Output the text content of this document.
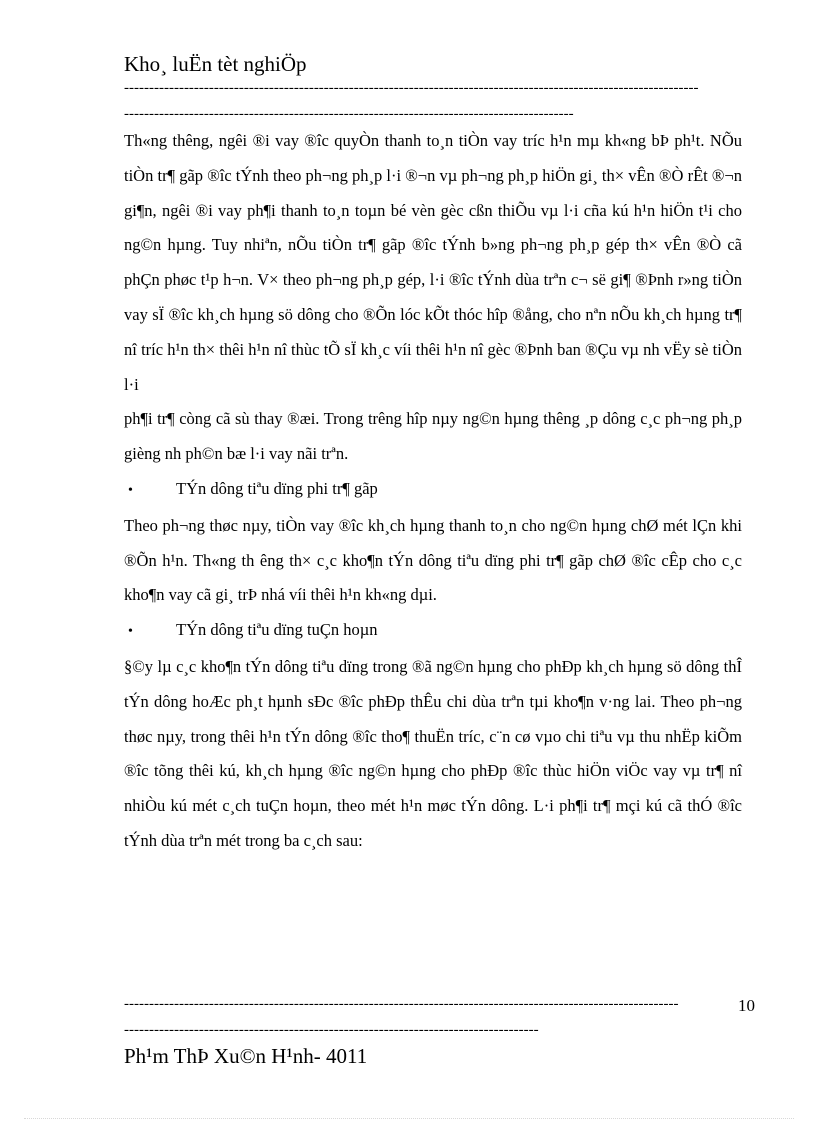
Kho¸ luËn tèt nghiÖp
-------------------------------------------------------------------------------------------------------------------
------------------------------------------------------------------------------------------

Th«ng thêng, ngêi ®i vay ®îc quyÒn thanh to¸n tiÒn vay tríc h¹n mµ kh«ng bÞ ph¹t. NÕu tiÒn tr¶ gãp ®îc tÝnh theo ph¬ng ph¸p l·i ®¬n vµ ph¬ng ph¸p hiÖn gi¸ th× vÊn ®Ò rÊt ®¬n gi¶n, ngêi ®i vay ph¶i thanh to¸n toµn bé vèn gèc cßn thiÕu vµ l·i cña kú h¹n hiÖn t¹i cho ng©n hµng. Tuy nhiªn, nÕu tiÒn tr¶ gãp ®îc tÝnh b»ng ph¬ng ph¸p gép th× vÊn ®Ò cã phÇn phøc t¹p h¬n. V× theo ph¬ng ph¸p gép, l·i ®îc tÝnh dùa trªn c¬ së gi¶ ®Þnh r»ng tiÒn vay sÏ ®îc kh¸ch hµng sö dông cho ®Õn lóc kÕt thóc hîp ®ång, cho nªn nÕu kh¸ch hµng tr¶ nî tríc h¹n th× thêi h¹n nî thùc tÕ sÏ kh¸c víi thêi h¹n nî gèc ®Þnh ban ®Çu vµ nh vËy sè tiÒn l·i

ph¶i tr¶ còng cã sù thay ®æi. Trong trêng hîp nµy ng©n hµng thêng ¸p dông c¸c ph¬ng ph¸p gièng nh ph©n bæ l·i vay nãi trªn.

•	TÝn dông tiªu dïng phi tr¶ gãp

Theo ph¬ng thøc nµy, tiÒn vay ®îc kh¸ch hµng thanh to¸n cho ng©n hµng chØ mét lÇn khi ®Õn h¹n. Th«ng th êng th× c¸c kho¶n tÝn dông tiªu dïng phi tr¶ gãp chØ ®îc cÊp cho c¸c kho¶n vay cã gi¸ trÞ nhá víi thêi h¹n kh«ng dµi.

•	TÝn dông tiªu dïng tuÇn hoµn

§©y lµ c¸c kho¶n tÝn dông tiªu dïng trong ®ã ng©n hµng cho phÐp kh¸ch hµng sö dông thÎ tÝn dông hoÆc ph¸t hµnh sÐc ®îc phÐp thÊu chi dùa trªn tµi kho¶n v·ng lai. Theo ph¬ng thøc nµy, trong thêi h¹n tÝn dông ®îc tho¶ thuËn tríc, c¨n cø vµo chi tiªu vµ thu nhËp kiÕm ®îc tõng thêi kú, kh¸ch hµng ®îc ng©n hµng cho phÐp ®îc thùc hiÖn viÖc vay vµ tr¶ nî nhiÒu kú mét c¸ch tuÇn hoµn, theo mét h¹n møc tÝn dông. L·i ph¶i tr¶ mçi kú cã thÓ ®îc tÝnh dùa trªn mét trong ba c¸ch sau:

---------------------------------------------------------------------------------------------------------------	10
-----------------------------------------------------------------------------------
Ph¹m ThÞ Xu©n H¹nh- 4011
